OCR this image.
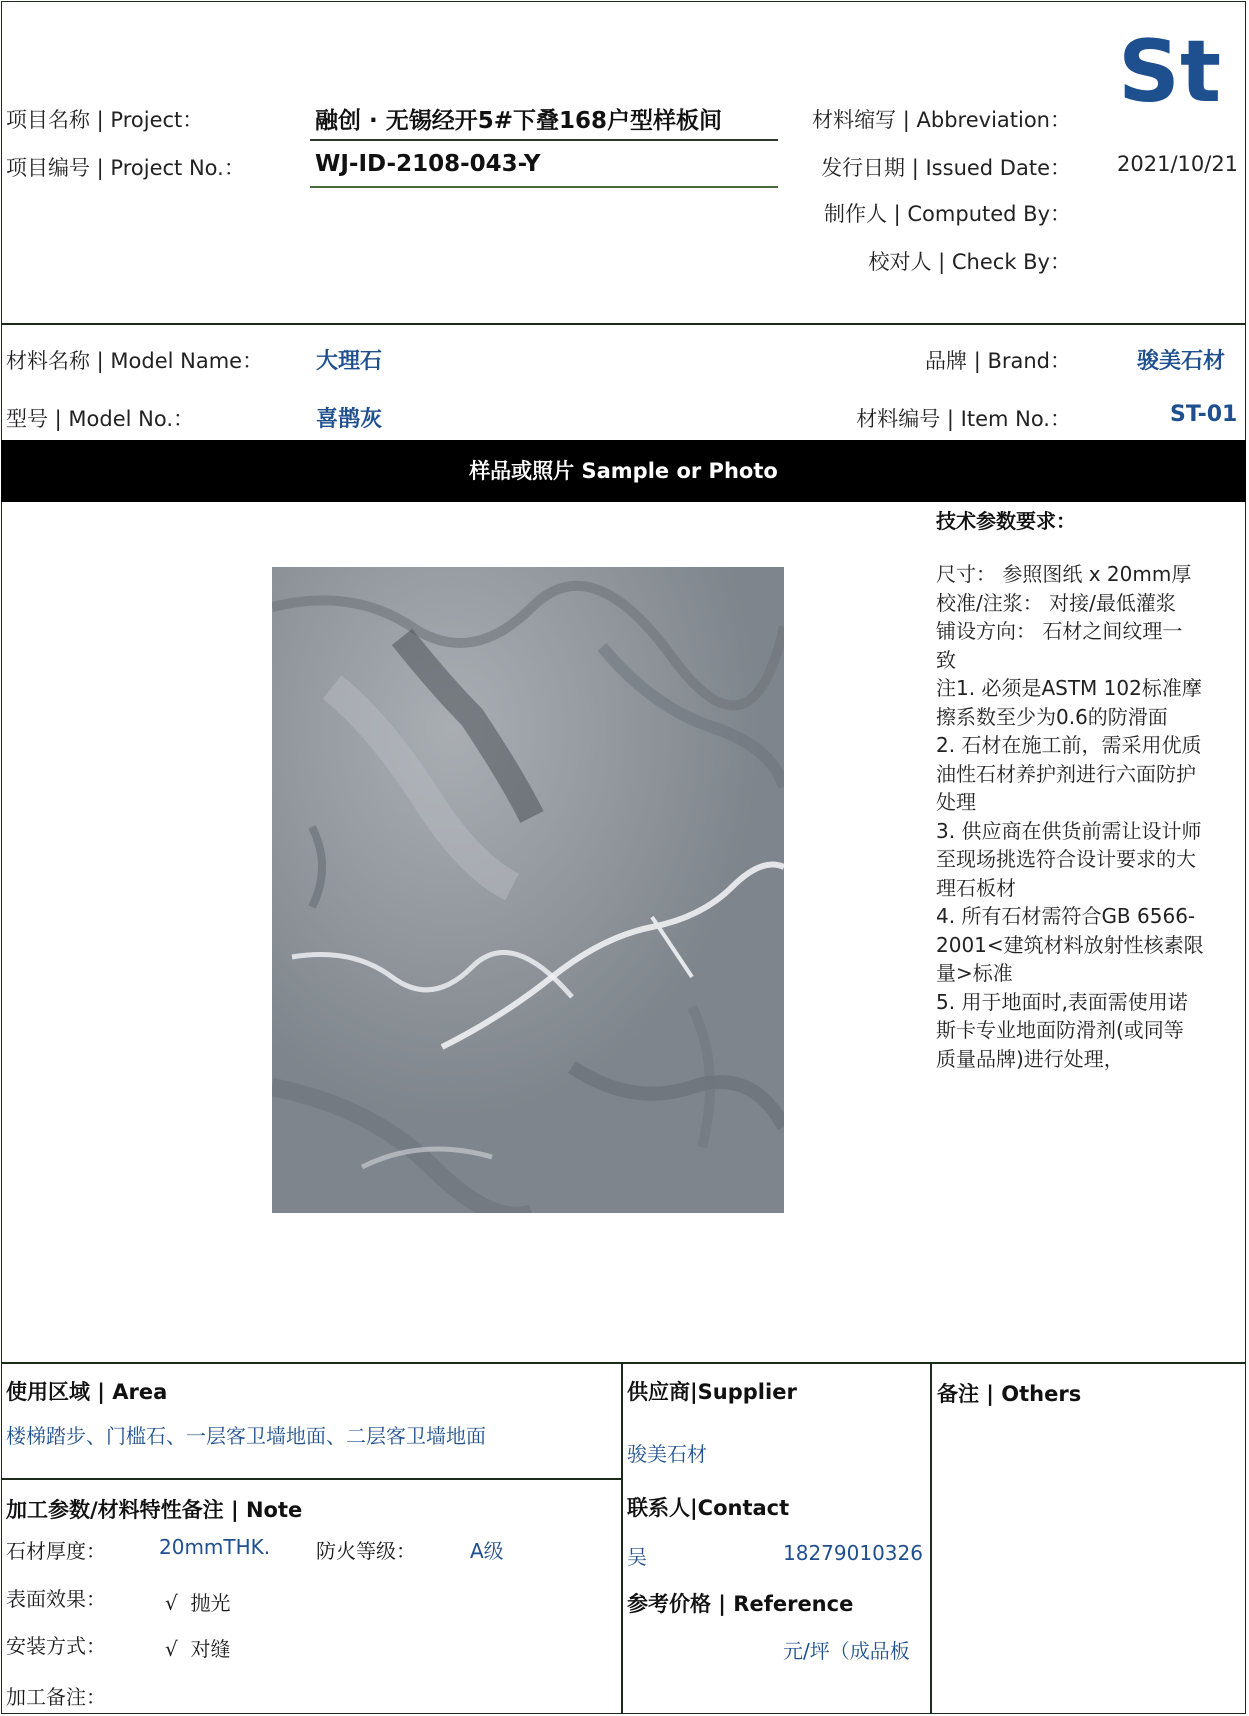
St
项目名称 | Project：	融创 · 无锡经开5#下叠168户型样板间
项目编号 | Project No.：	WJ-ID-2108-043-Y
材料缩写 | Abbreviation：
发行日期 | Issued Date： 2021/10/21
制作人 | Computed By：
校对人 | Check By：
材料名称 | Model Name： 大理石
型号 | Model No.：	喜鹊灰
品牌 | Brand：	骏美石材
材料编号 | Item No.：	ST-01
样品或照片 Sample or Photo
技术参数要求：
尺寸： 参照图纸 x 20mm厚
校准/注浆： 对接/最低灌浆
铺设方向： 石材之间纹理一
致
注1. 必须是ASTM 102标准摩
擦系数至少为0.6的防滑面
2. 石材在施工前，需采用优质
油性石材养护剂进行六面防护
处理
3. 供应商在供货前需让设计师
至现场挑选符合设计要求的大
理石板材
4. 所有石材需符合GB 6566-
2001<建筑材料放射性核素限
量>标准
5. 用于地面时,表面需使用诺
斯卡专业地面防滑剂(或同等
质量品牌)进行处理，
使用区域 | Area
楼梯踏步、门槛石、一层客卫墙地面、二层客卫墙地面
加工参数/材料特性备注 | Note
石材厚度：	20mmTHK. 防火等级：	A级
表面效果：	√  抛光
安装方式：	√  对缝
加工备注：
供应商|Supplier
骏美石材
联系人|Contact
吴	18279010326
参考价格 | Reference
元/坪（成品板
备注 | Others
